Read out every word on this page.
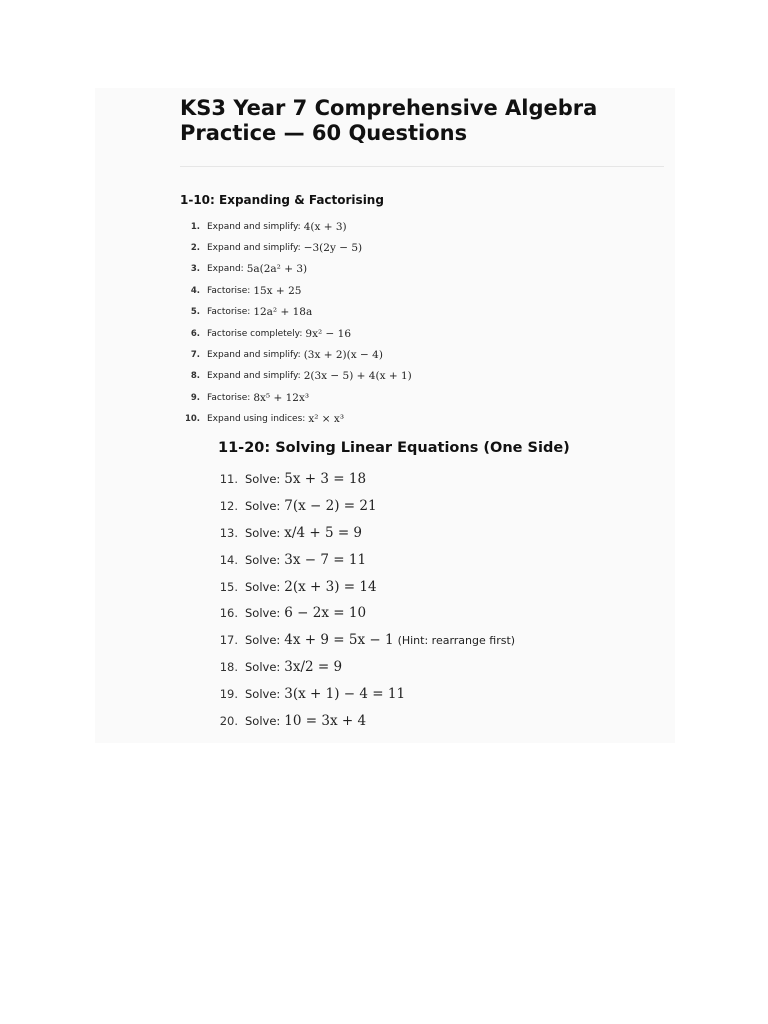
KS3 Year 7 Comprehensive Algebra Practice — 60 Questions
1-10: Expanding & Factorising
1. Expand and simplify: 4(x + 3)
2. Expand and simplify: −3(2y − 5)
3. Expand: 5a(2a² + 3)
4. Factorise: 15x + 25
5. Factorise: 12a² + 18a
6. Factorise completely: 9x² − 16
7. Expand and simplify: (3x + 2)(x − 4)
8. Expand and simplify: 2(3x − 5) + 4(x + 1)
9. Factorise: 8x⁵ + 12x³
10. Expand using indices: x² × x³
11-20: Solving Linear Equations (One Side)
11. Solve: 5x + 3 = 18
12. Solve: 7(x − 2) = 21
13. Solve: x/4 + 5 = 9
14. Solve: 3x − 7 = 11
15. Solve: 2(x + 3) = 14
16. Solve: 6 − 2x = 10
17. Solve: 4x + 9 = 5x − 1 (Hint: rearrange first)
18. Solve: 3x/2 = 9
19. Solve: 3(x + 1) − 4 = 11
20. Solve: 10 = 3x + 4
